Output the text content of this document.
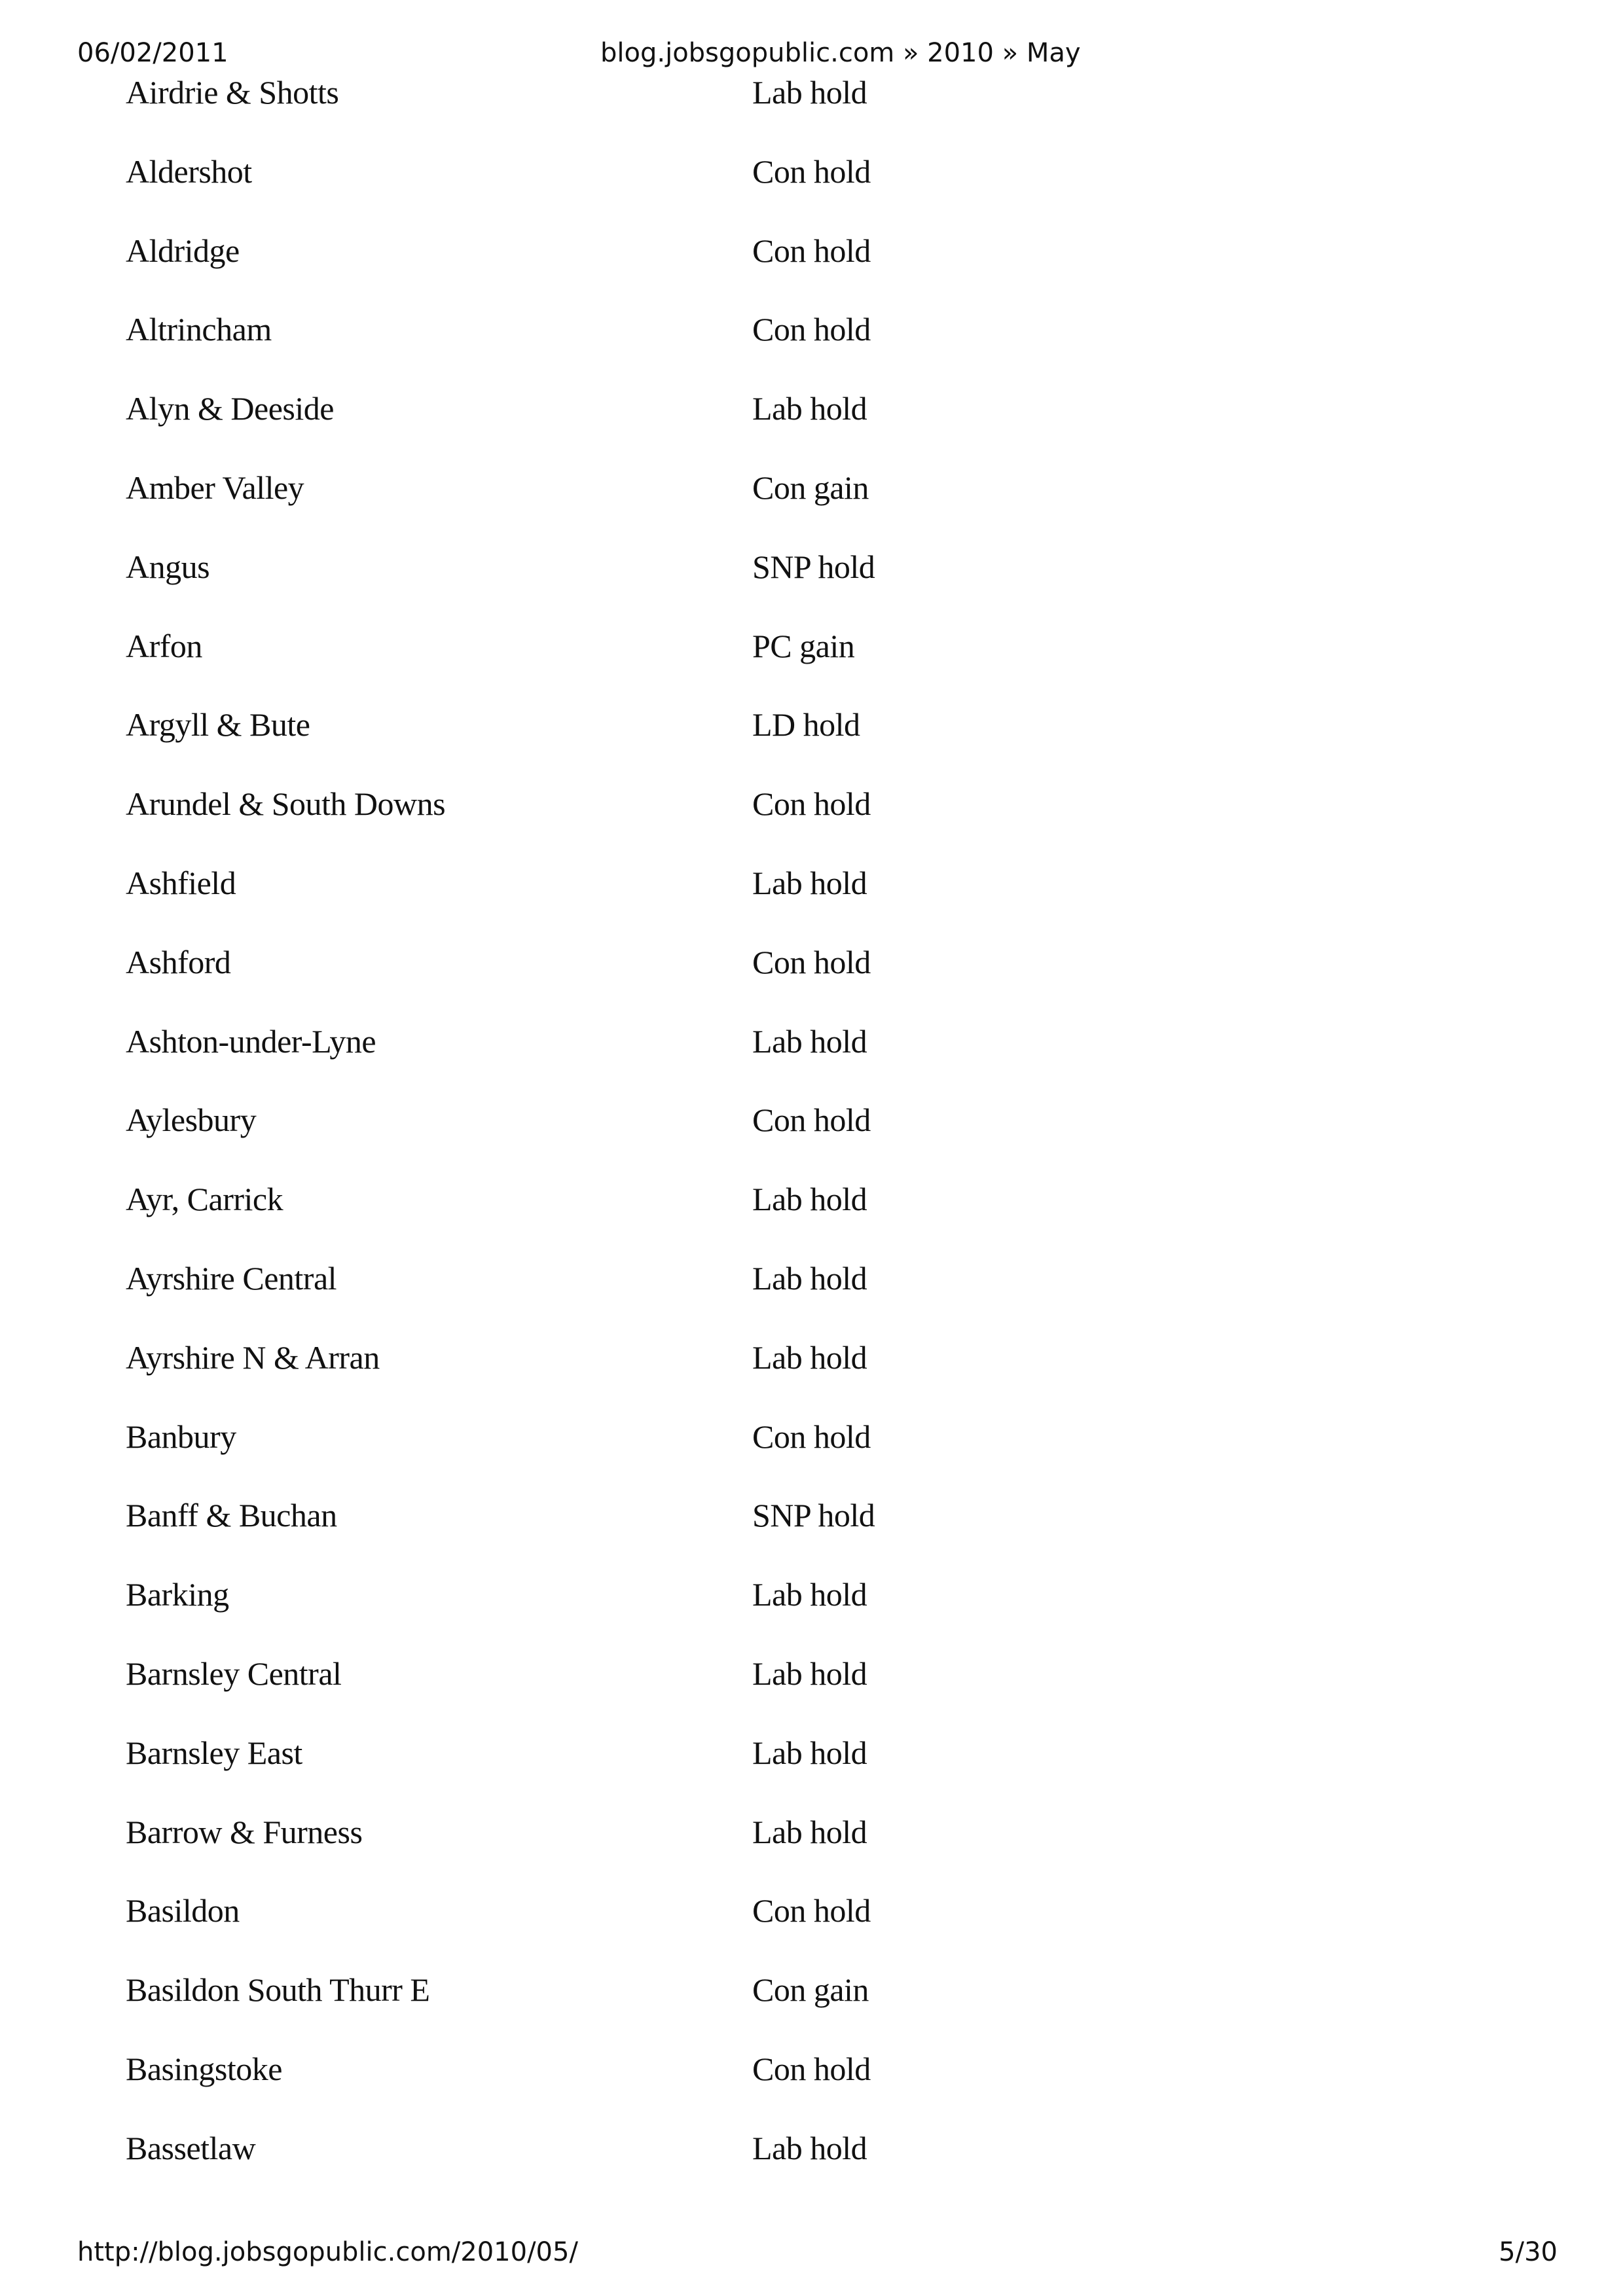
06/02/2011	blog.jobsgopublic.com » 2010 » May
Airdrie & Shotts	Lab hold
Aldershot	Con hold
Aldridge	Con hold
Altrincham	Con hold
Alyn & Deeside	Lab hold
Amber Valley	Con gain
Angus	SNP hold
Arfon	PC gain
Argyll & Bute	LD hold
Arundel & South Downs	Con hold
Ashfield	Lab hold
Ashford	Con hold
Ashton-under-Lyne	Lab hold
Aylesbury	Con hold
Ayr, Carrick	Lab hold
Ayrshire Central	Lab hold
Ayrshire N & Arran	Lab hold
Banbury	Con hold
Banff & Buchan	SNP hold
Barking	Lab hold
Barnsley Central	Lab hold
Barnsley East	Lab hold
Barrow & Furness	Lab hold
Basildon	Con hold
Basildon South Thurr E	Con gain
Basingstoke	Con hold
Bassetlaw	Lab hold
http://blog.jobsgopublic.com/2010/05/	5/30
